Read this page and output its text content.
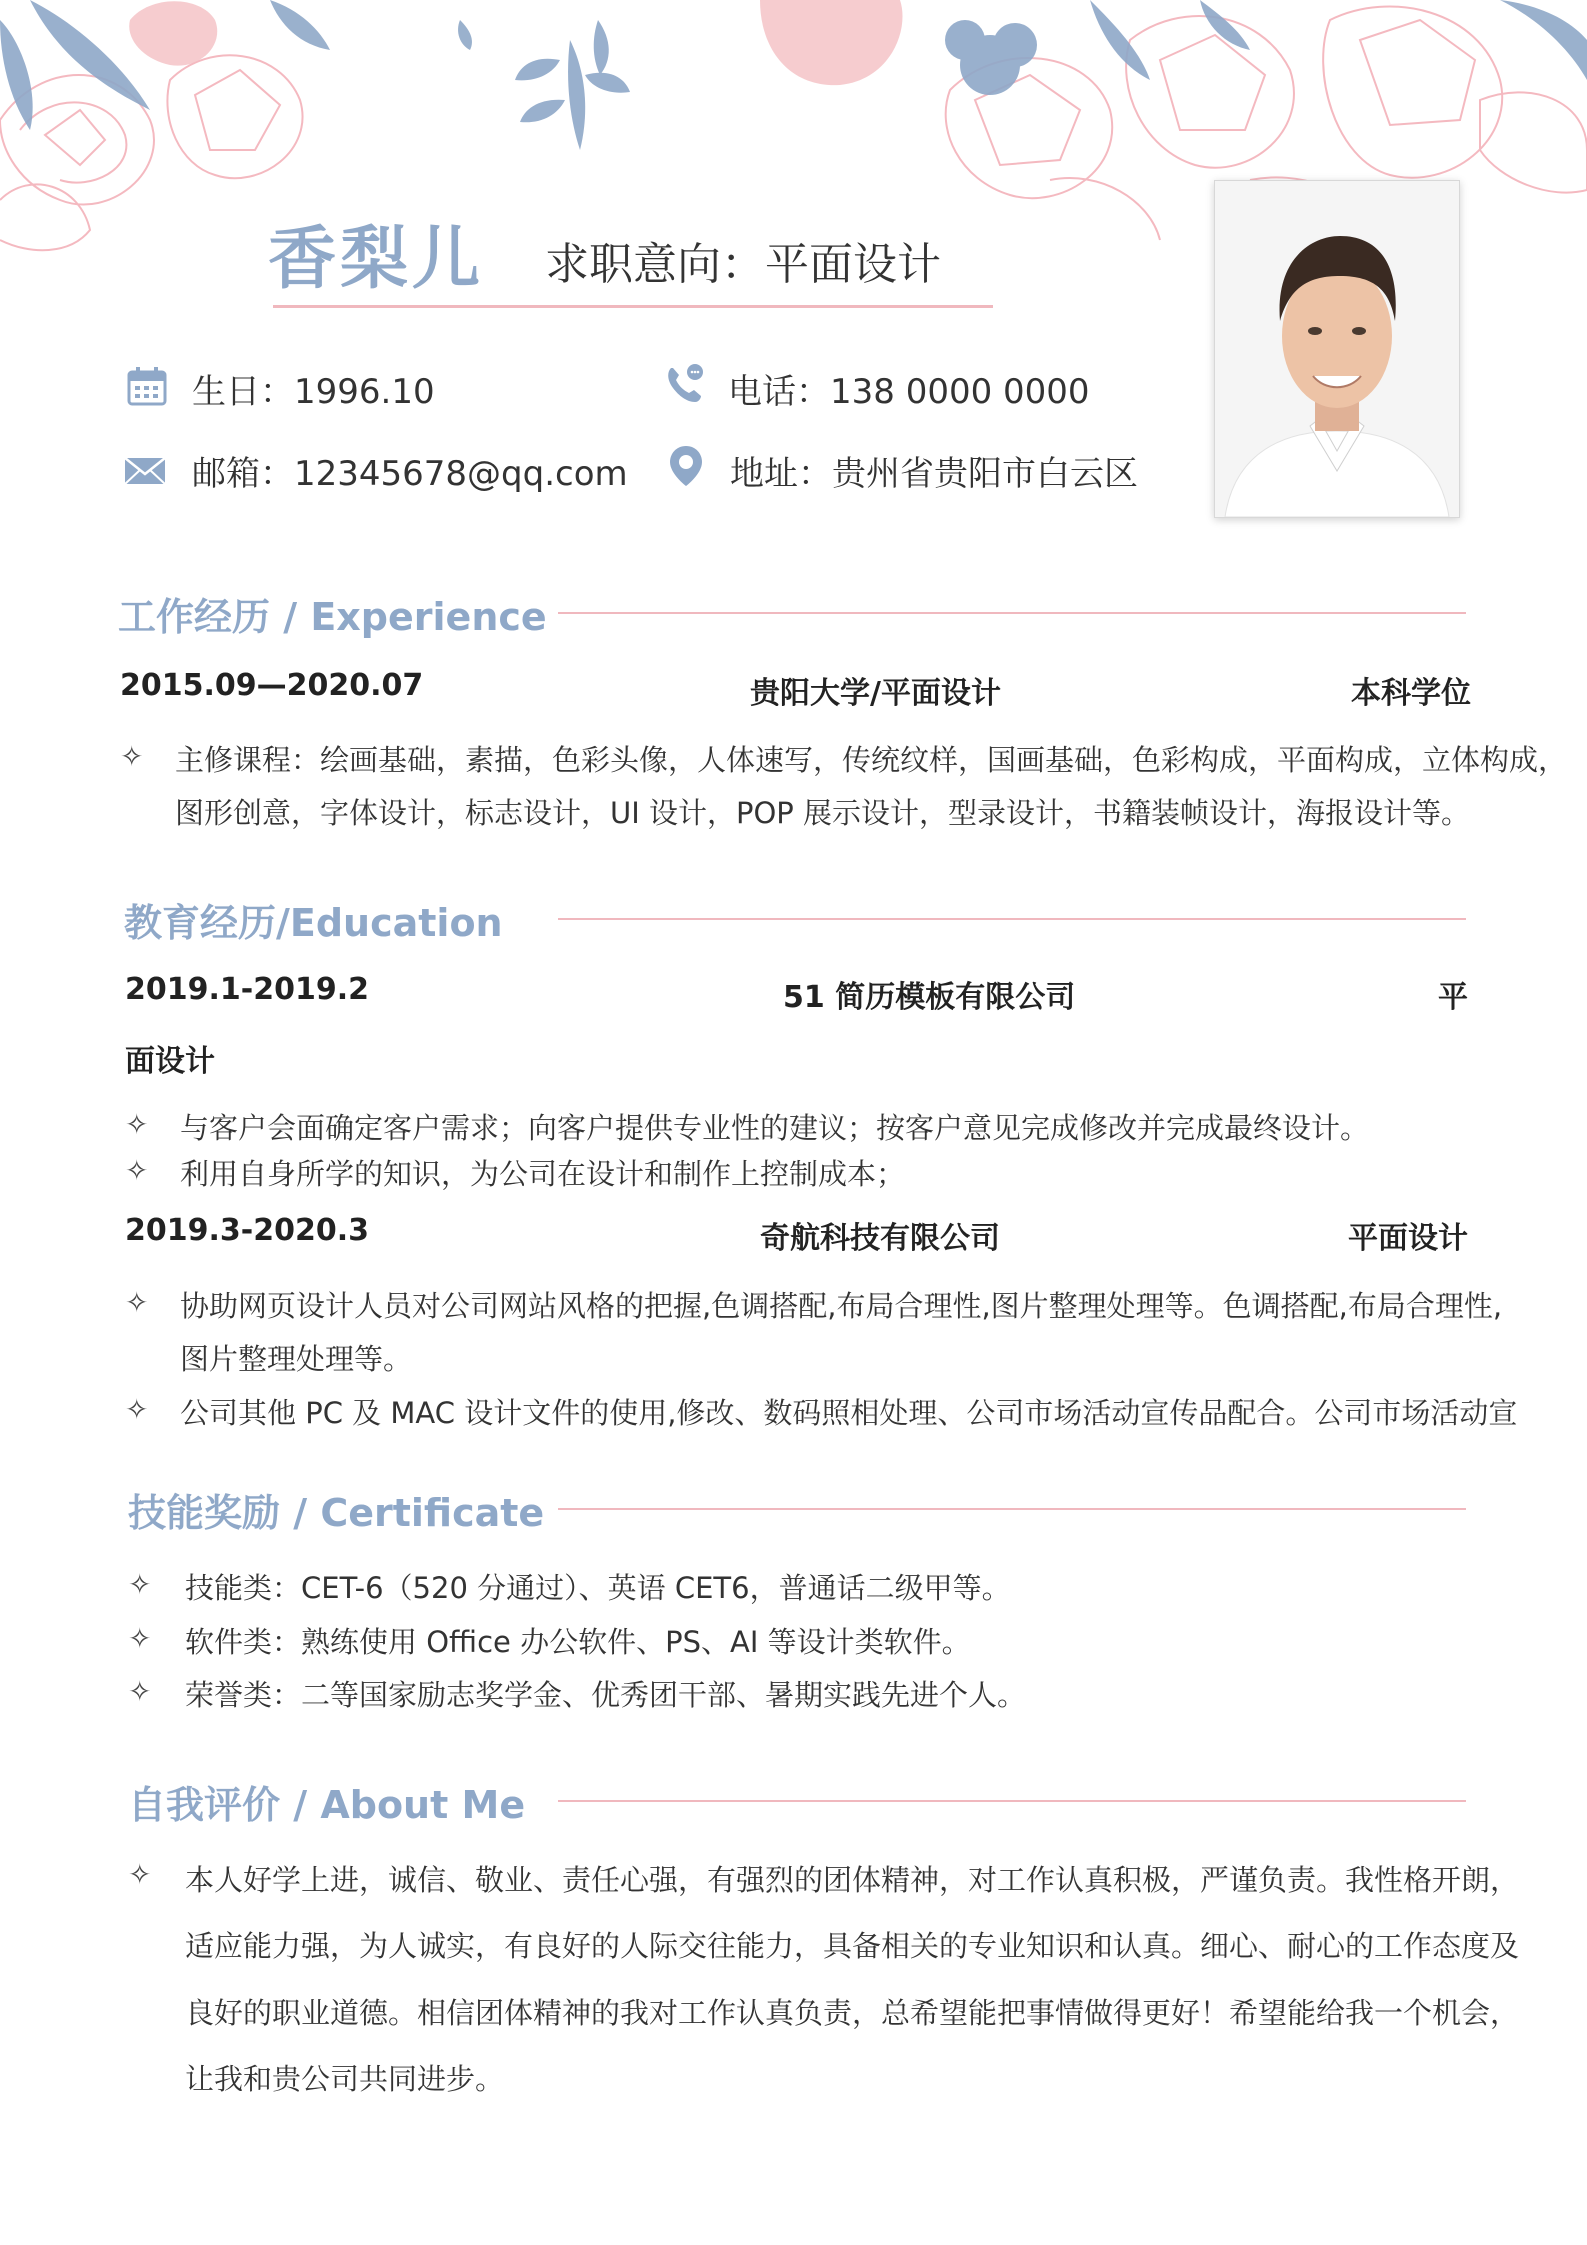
香梨儿 求职意向：平面设计
生日：1996.10	电话：138 0000 0000
邮箱：12345678@qq.com	地址：贵州省贵阳市白云区
工作经历 / Experience
2015.09—2020.07	贵阳大学/平面设计	本科学位
✧ 主修课程：绘画基础，素描，色彩头像，人体速写，传统纹样，国画基础，色彩构成，平面构成，立体构成，
图形创意，字体设计，标志设计，UI 设计，POP 展示设计，型录设计，书籍装帧设计，海报设计等。
教育经历/Education
2019.1-2019.2	51 简历模板有限公司	平
面设计
✧ 与客户会面确定客户需求；向客户提供专业性的建议；按客户意见完成修改并完成最终设计。
✧ 利用自身所学的知识，为公司在设计和制作上控制成本；
2019.3-2020.3	奇航科技有限公司	平面设计
✧ 协助网页设计人员对公司网站风格的把握,色调搭配,布局合理性,图片整理处理等。色调搭配,布局合理性,
图片整理处理等。
✧ 公司其他 PC 及 MAC 设计文件的使用,修改、数码照相处理、公司市场活动宣传品配合。公司市场活动宣
技能奖励 / Certificate
✧ 技能类：CET-6（520 分通过）、英语 CET6，普通话二级甲等。
✧ 软件类：熟练使用 Office 办公软件、PS、AI 等设计类软件。
✧ 荣誉类：二等国家励志奖学金、优秀团干部、暑期实践先进个人。
自我评价 / About Me
✧ 本人好学上进，诚信、敬业、责任心强，有强烈的团体精神，对工作认真积极，严谨负责。我性格开朗，
适应能力强，为人诚实，有良好的人际交往能力，具备相关的专业知识和认真。细心、耐心的工作态度及
良好的职业道德。相信团体精神的我对工作认真负责，总希望能把事情做得更好！希望能给我一个机会，
让我和贵公司共同进步。
